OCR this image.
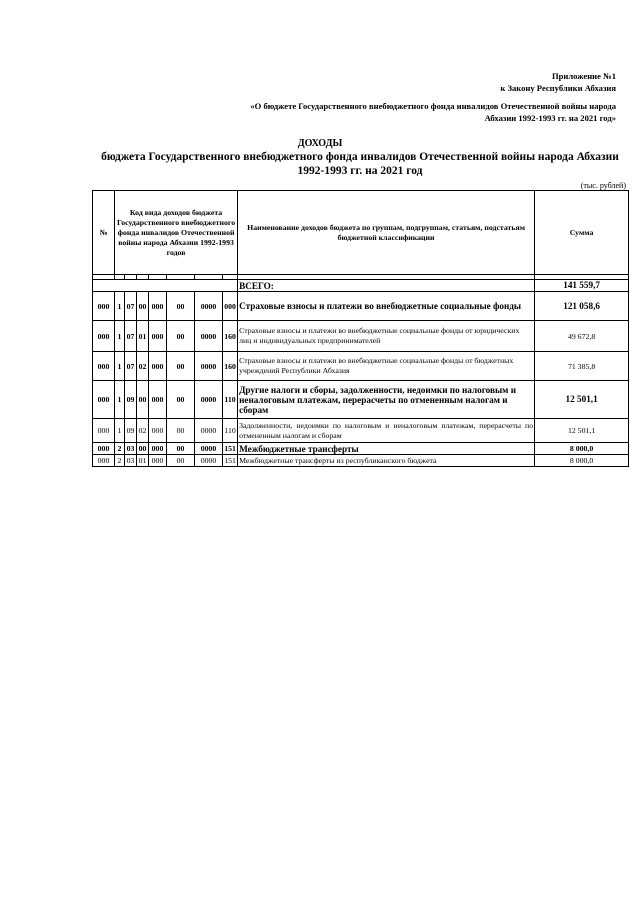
Приложение №1
к Закону Республики Абхазия
«О бюджете Государственного внебюджетного фонда инвалидов Отечественной войны народа Абхазии 1992-1993 гг. на 2021 год»
ДОХОДЫ
бюджета Государственного внебюджетного фонда инвалидов Отечественной войны народа Абхазии 1992-1993 гг. на 2021 год
(тыс. рублей)
№	Код вида доходов бюджета Государственного внебюджетного фонда инвалидов Отечественной войны народа Абхазии 1992-1993 годов							Наименование доходов бюджета по группам, подгруппам, статьям, подстатьям бюджетной классификации	Сумма

								ВСЕГО:	141 559,7
000	1	07	00	000	00	0000	000	Страховые взносы и платежи во внебюджетные социальные фонды	121 058,6
000	1	07	01	000	00	0000	160	Страховые взносы и платежи во внебюджетные социальные фонды от юридических лиц и индивидуальных предпринимателей	49 672,8
000	1	07	02	000	00	0000	160	Страховые взносы и платежи во внебюджетные социальные фонды от бюджетных учреждений Республики Абхазия	71 385,8
000	1	09	00	000	00	0000	110	Другие налоги и сборы, задолженности, недоимки по налоговым и неналоговым платежам, перерасчеты по отмененным налогам и сборам	12 501,1
000	1	09	02	000	00	0000	110	Задолженности, недоимки по налоговым и неналоговым платежам, перерасчеты по отмененным налогам и сборам	12 501,1
000	2	03	00	000	00	0000	151	Межбюджетные трансферты	8 000,0
000	2	03	01	000	00	0000	151	Межбюджетные трансферты из республиканского бюджета	8 000,0
